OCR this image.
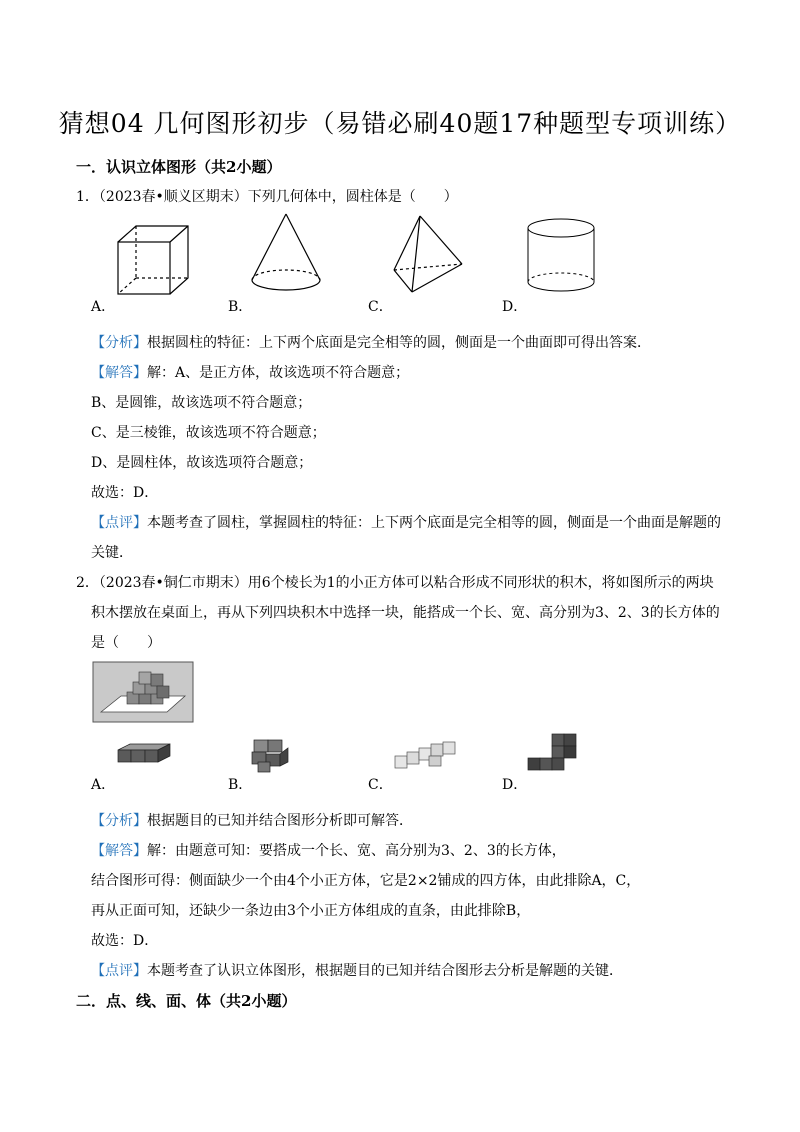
猜想04 几何图形初步（易错必刷40题17种题型专项训练）
一．认识立体图形（共2小题）
1．（2023春•顺义区期末）下列几何体中，圆柱体是（　　）
A．	B．	C．	D．
【分析】根据圆柱的特征：上下两个底面是完全相等的圆，侧面是一个曲面即可得出答案．
【解答】解：A、是正方体，故该选项不符合题意；
B、是圆锥，故该选项不符合题意；
C、是三棱锥，故该选项不符合题意；
D、是圆柱体，故该选项符合题意；
故选：D．
【点评】本题考查了圆柱，掌握圆柱的特征：上下两个底面是完全相等的圆，侧面是一个曲面是解题的
关键．
2．（2023春•铜仁市期末）用6个棱长为1的小正方体可以粘合形成不同形状的积木，将如图所示的两块
积木摆放在桌面上，再从下列四块积木中选择一块，能搭成一个长、宽、高分别为3、2、3的长方体的
是（　　）
A．	B．	C．	D．
【分析】根据题目的已知并结合图形分析即可解答．
【解答】解：由题意可知：要搭成一个长、宽、高分别为3、2、3的长方体，
结合图形可得：侧面缺少一个由4个小正方体，它是2×2铺成的四方体，由此排除A，C，
再从正面可知，还缺少一条边由3个小正方体组成的直条，由此排除B，
故选：D．
【点评】本题考查了认识立体图形，根据题目的已知并结合图形去分析是解题的关键．
二．点、线、面、体（共2小题）
